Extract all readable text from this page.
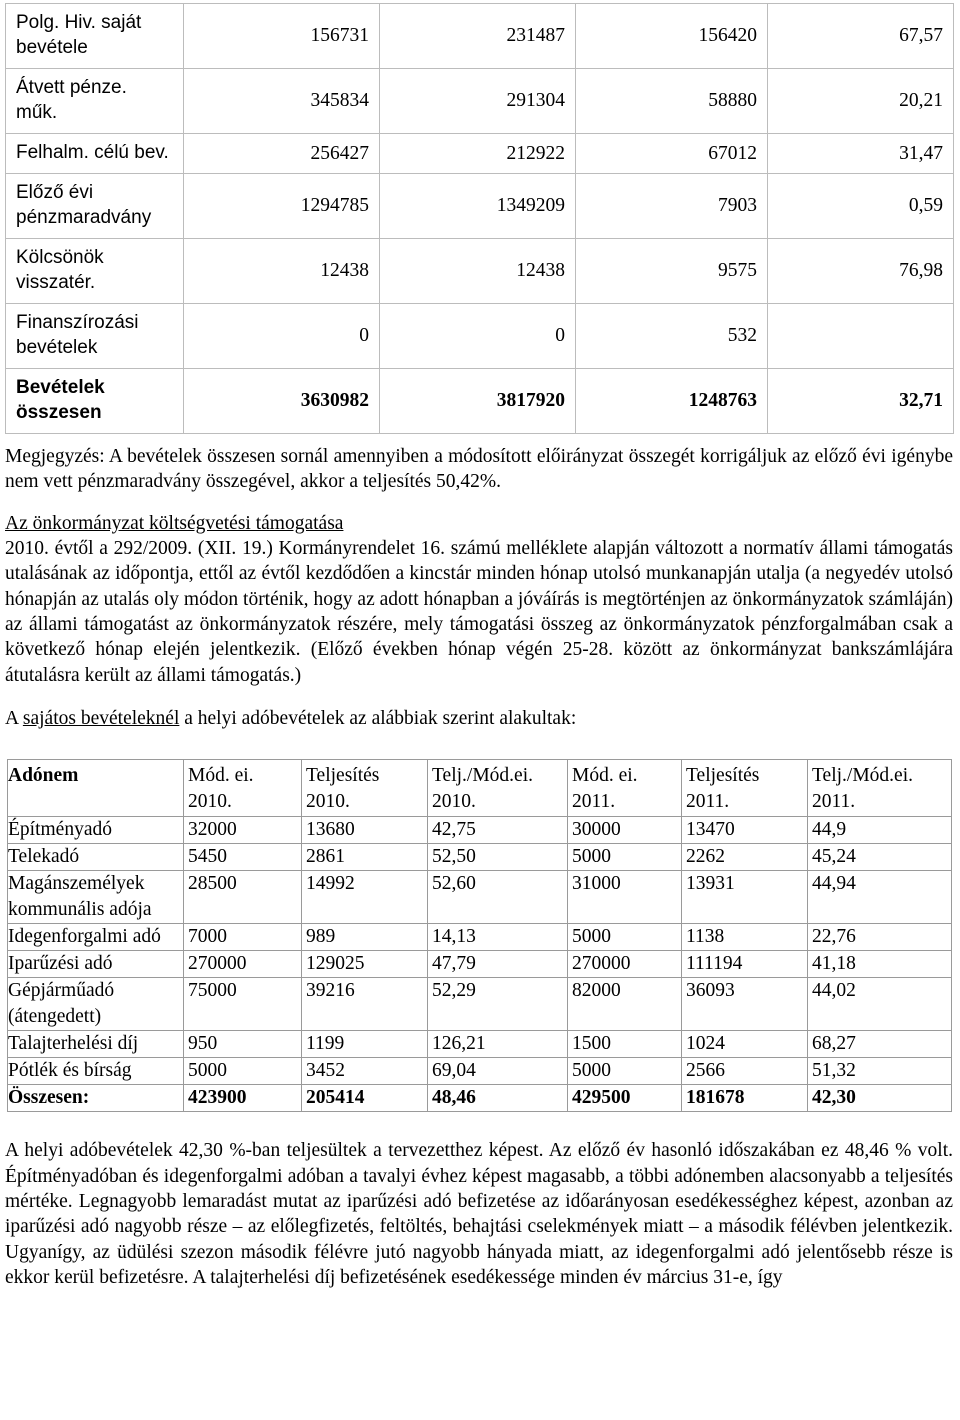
Polg. Hiv. saját bevétele	156731	231487	156420	67,57
Átvett pénze. műk.	345834	291304	58880	20,21
Felhalm. célú bev.	256427	212922	67012	31,47
Előző évi pénzmaradvány	1294785	1349209	7903	0,59
Kölcsönök visszatér.	12438	12438	9575	76,98
Finanszírozási bevételek	0	0	532	
Bevételek összesen	3630982	3817920	1248763	32,71

Megjegyzés: A bevételek összesen sornál amennyiben a módosított előirányzat összegét korrigáljuk az előző évi igénybe nem vett pénzmaradvány összegével, akkor a teljesítés 50,42%.

Az önkormányzat költségvetési támogatása

2010. évtől a 292/2009. (XII. 19.) Kormányrendelet 16. számú melléklete alapján változott a normatív állami támogatás utalásának az időpontja, ettől az évtől kezdődően a kincstár minden hónap utolsó munkanapján utalja (a negyedév utolsó hónapján az utalás oly módon történik, hogy az adott hónapban a jóváírás is megtörténjen az önkormányzatok számláján) az állami támogatást az önkormányzatok részére, mely támogatási összeg az önkormányzatok pénzforgalmában csak a következő hónap elején jelentkezik. (Előző években hónap végén 25-28. között az önkormányzat bankszámlájára átutalásra került az állami támogatás.)

A sajátos bevételeknél a helyi adóbevételek az alábbiak szerint alakultak:

Adónem	Mód. ei. 2010.	Teljesítés 2010.	Telj./Mód.ei. 2010.	Mód. ei. 2011.	Teljesítés 2011.	Telj./Mód.ei. 2011.
Építményadó	32000	13680	42,75	30000	13470	44,9
Telekadó	5450	2861	52,50	5000	2262	45,24
Magánszemélyek kommunális adója	28500	14992	52,60	31000	13931	44,94
Idegenforgalmi adó	7000	989	14,13	5000	1138	22,76
Iparűzési adó	270000	129025	47,79	270000	111194	41,18
Gépjárműadó (átengedett)	75000	39216	52,29	82000	36093	44,02
Talajterhelési díj	950	1199	126,21	1500	1024	68,27
Pótlék és bírság	5000	3452	69,04	5000	2566	51,32
Összesen:	423900	205414	48,46	429500	181678	42,30

A helyi adóbevételek 42,30 %-ban teljesültek a tervezetthez képest. Az előző év hasonló időszakában ez 48,46 % volt. Építményadóban és idegenforgalmi adóban a tavalyi évhez képest magasabb, a többi adónemben alacsonyabb a teljesítés mértéke. Legnagyobb lemaradást mutat az iparűzési adó befizetése az időarányosan esedékességhez képest, azonban az iparűzési adó nagyobb része – az előlegfizetés, feltöltés, behajtási cselekmények miatt – a második félévben jelentkezik. Ugyanígy, az üdülési szezon második félévre jutó nagyobb hányada miatt, az idegenforgalmi adó jelentősebb része is ekkor kerül befizetésre. A talajterhelési díj befizetésének esedékessége minden év március 31-e, így
